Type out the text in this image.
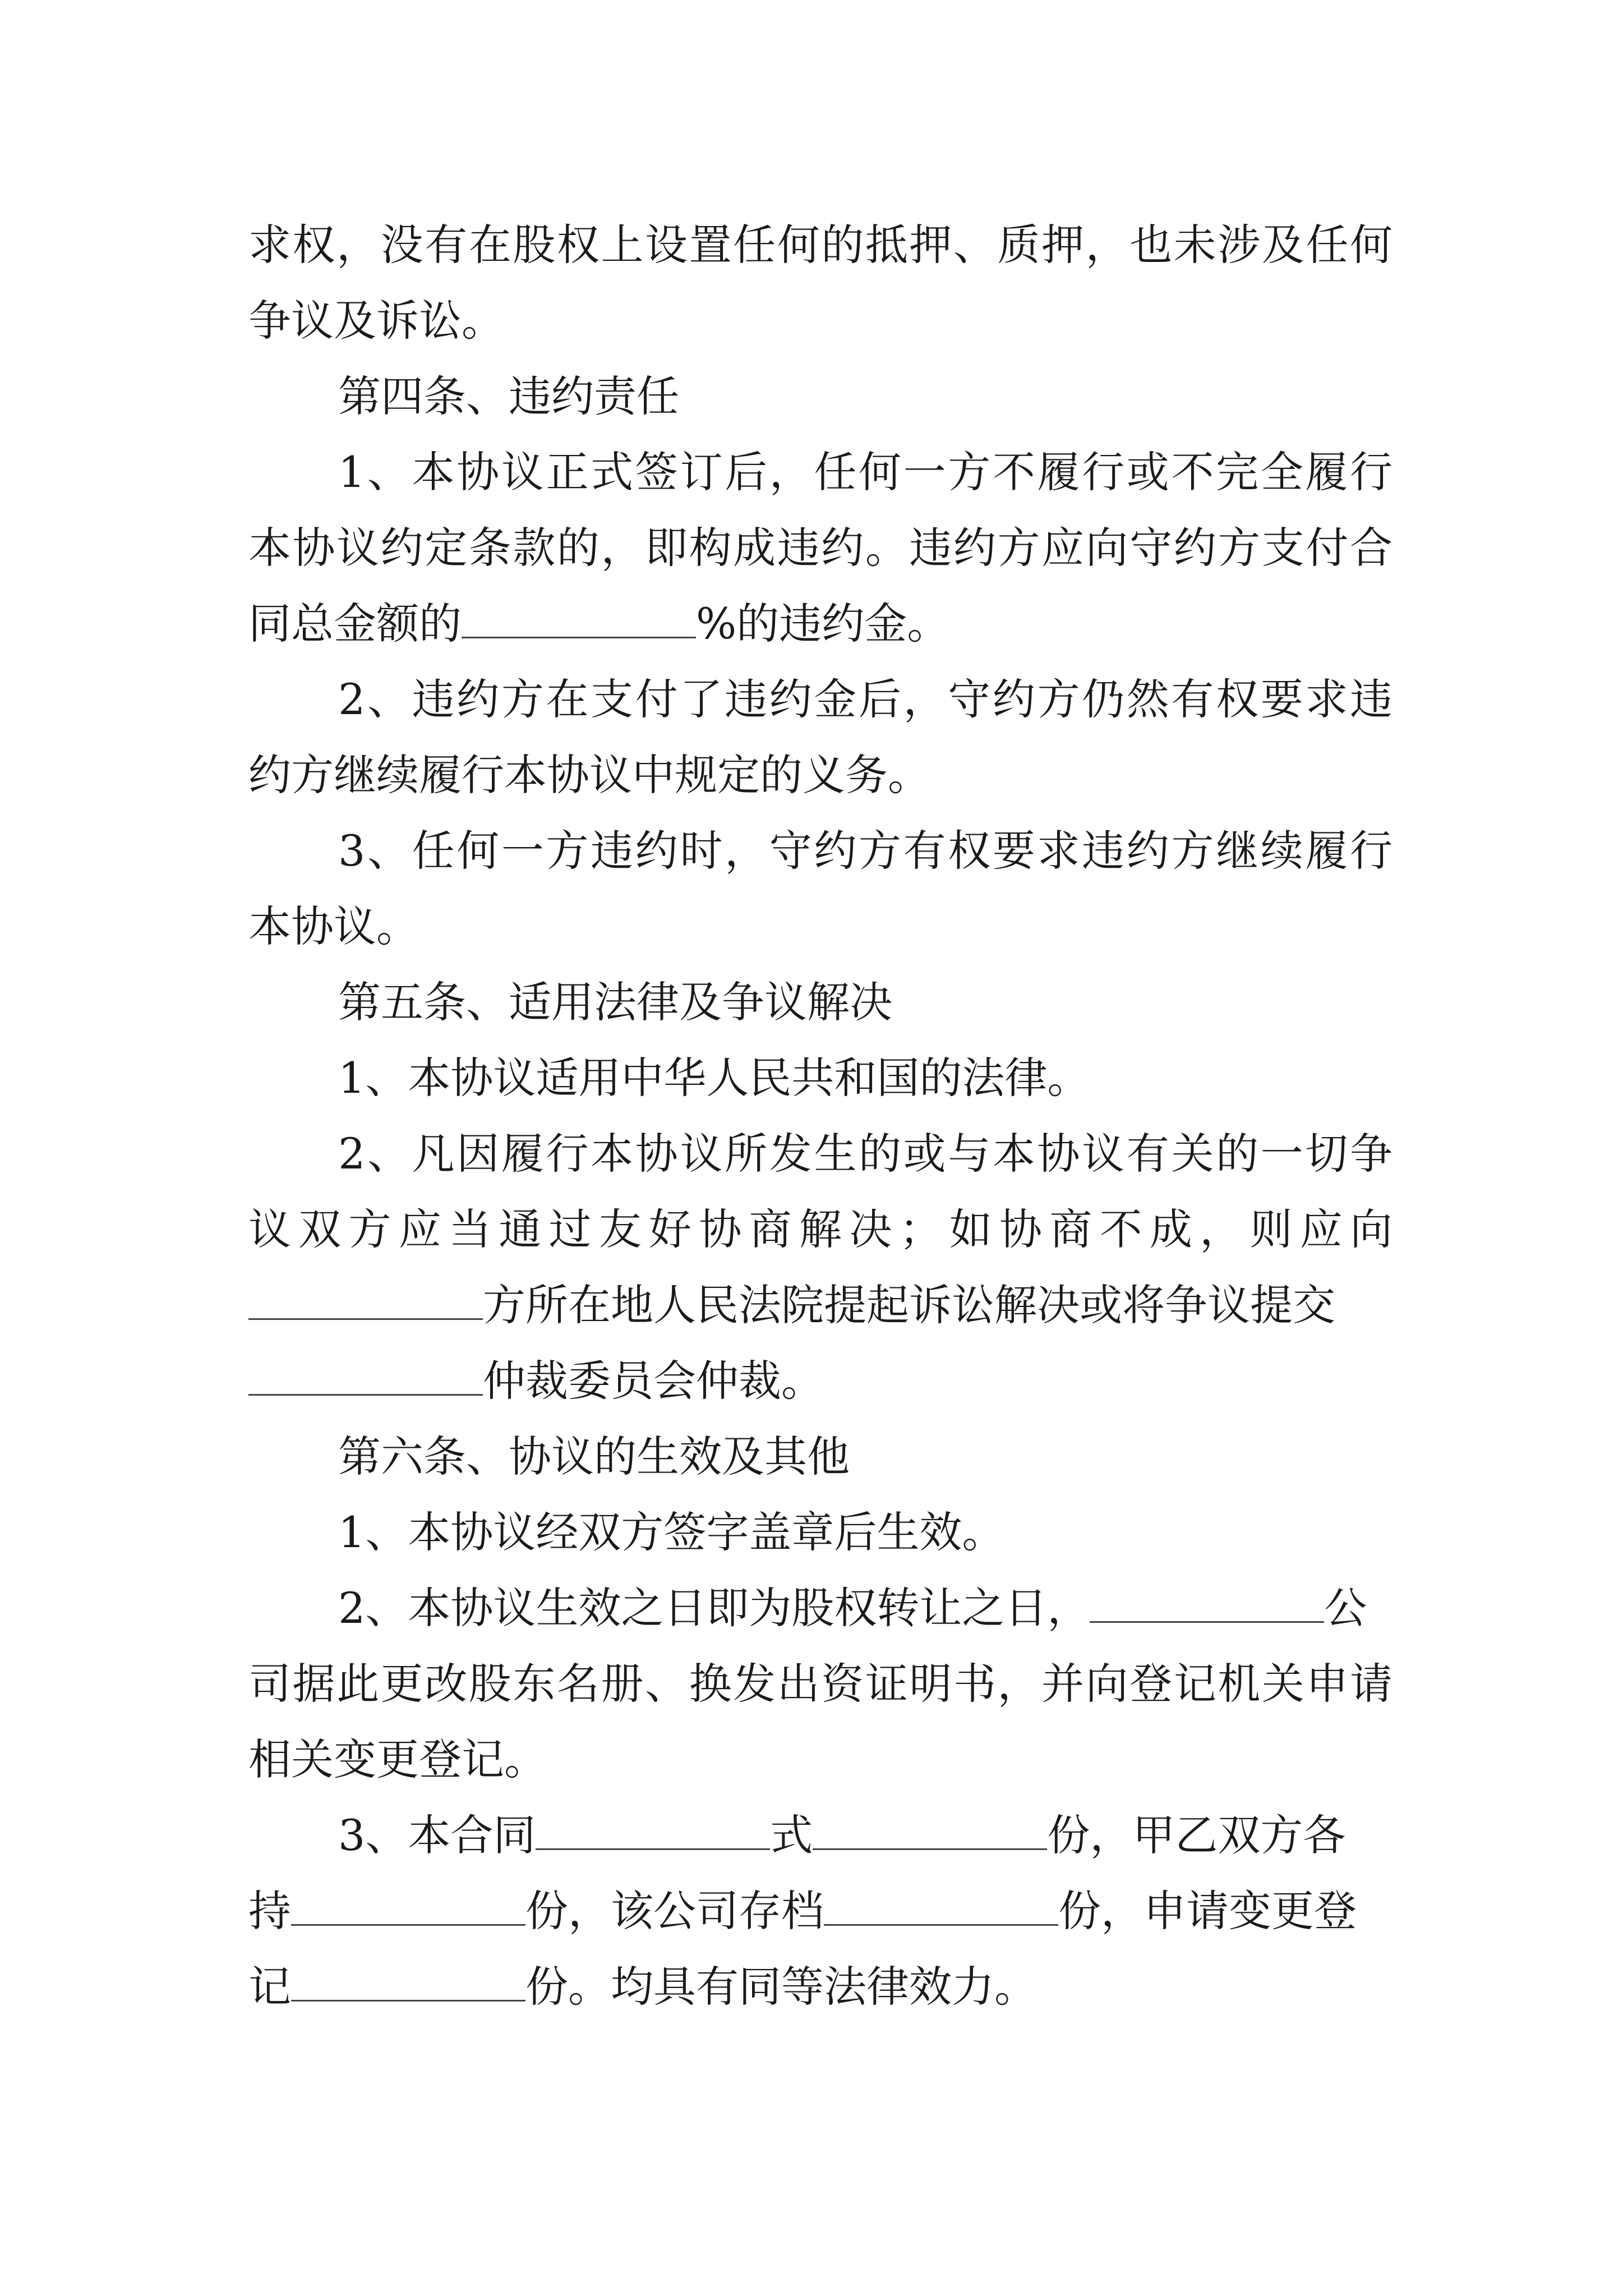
求权，没有在股权上设置任何的抵押、质押，也未涉及任何
争议及诉讼。
第四条、违约责任
1、本协议正式签订后，任何一方不履行或不完全履行
本协议约定条款的，即构成违约。违约方应向守约方支付合
同总金额的	%的违约金。
2、违约方在支付了违约金后，守约方仍然有权要求违
约方继续履行本协议中规定的义务。
3、任何一方违约时，守约方有权要求违约方继续履行
本协议。
第五条、适用法律及争议解决
1、本协议适用中华人民共和国的法律。
2、凡因履行本协议所发生的或与本协议有关的一切争
议双方应当通过友好协商解决；如协商不成，则应向
方所在地人民法院提起诉讼解决或将争议提交
仲裁委员会仲裁。
第六条、协议的生效及其他
1、本协议经双方签字盖章后生效。
2、本协议生效之日即为股权转让之日，	公
司据此更改股东名册、换发出资证明书，并向登记机关申请
相关变更登记。
3、本合同	式	份，甲乙双方各
持	份，该公司存档	份，申请变更登
记	份。均具有同等法律效力。
